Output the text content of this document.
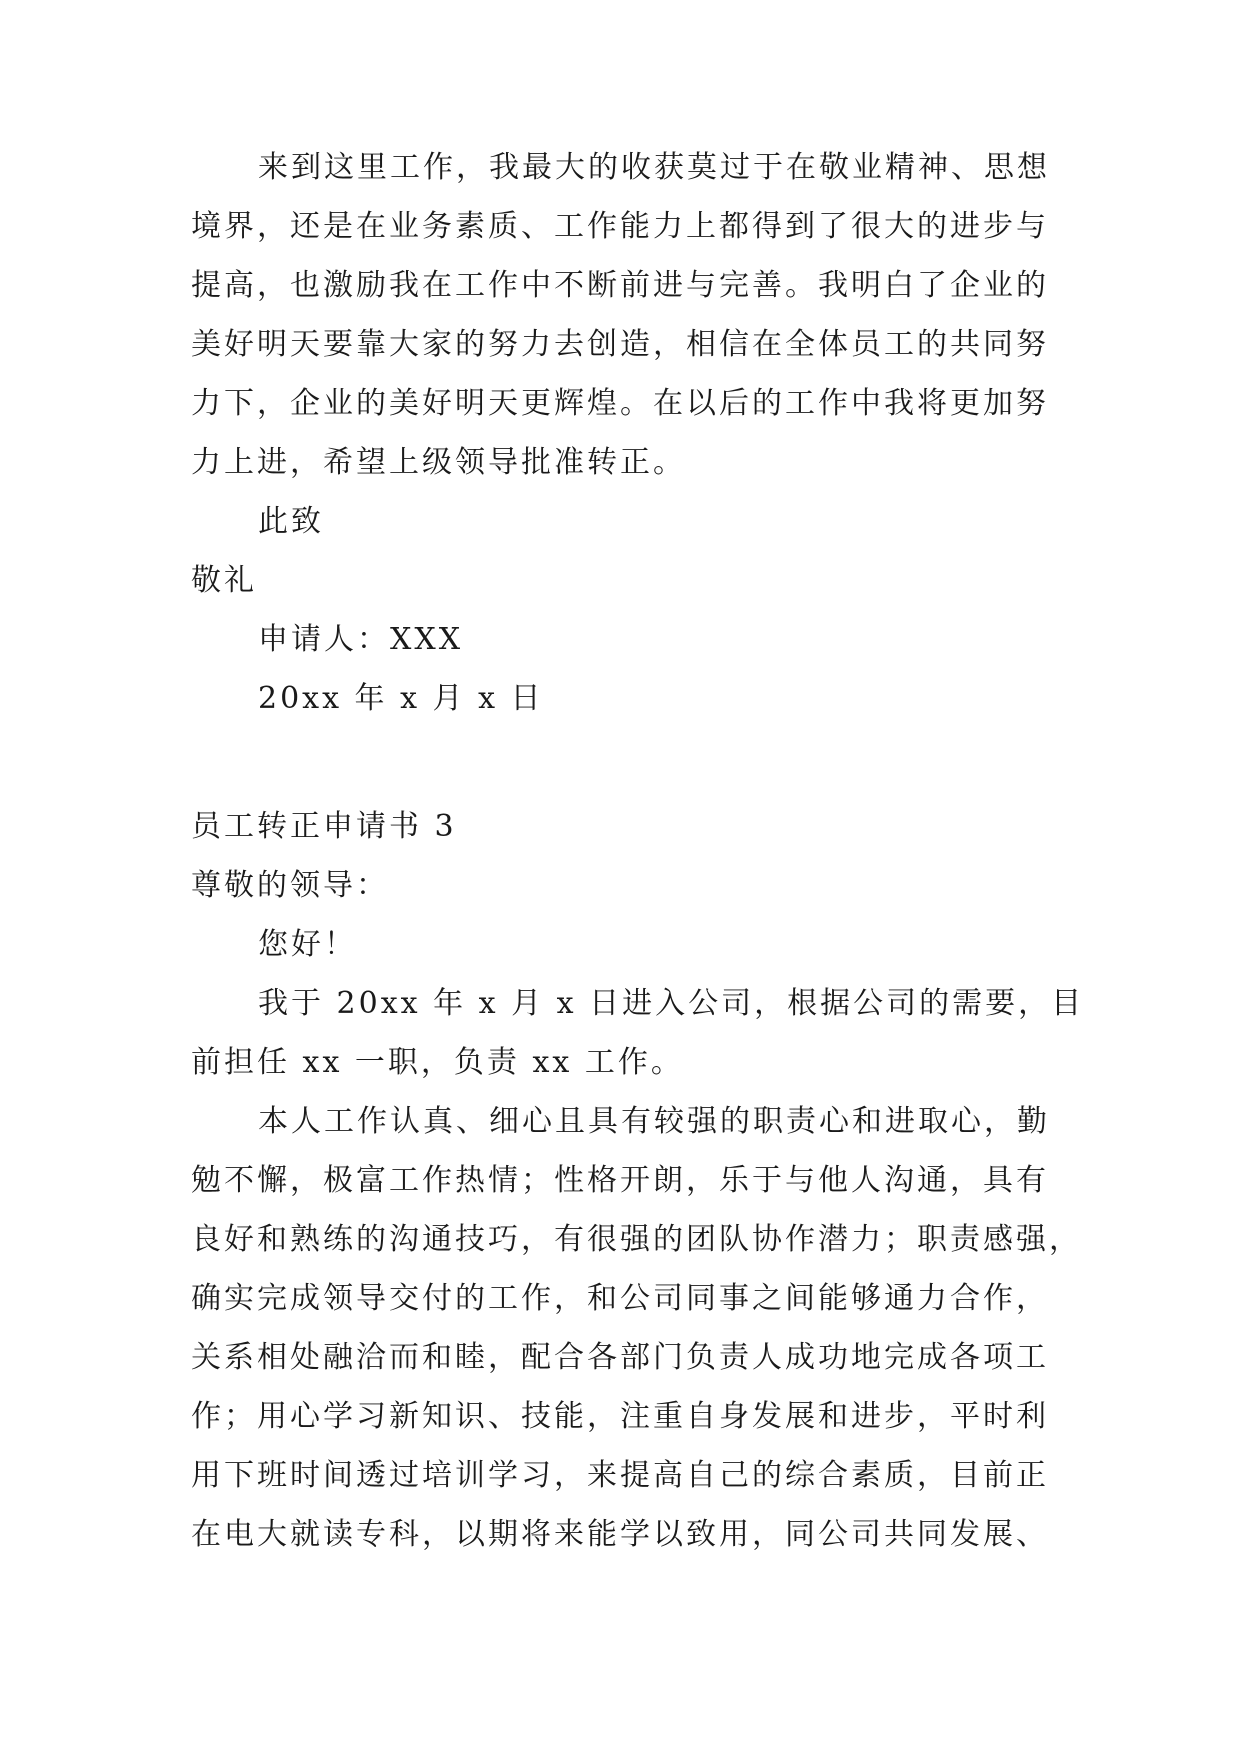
来到这里工作，我最大的收获莫过于在敬业精神、思想
境界，还是在业务素质、工作能力上都得到了很大的进步与
提高，也激励我在工作中不断前进与完善。我明白了企业的
美好明天要靠大家的努力去创造，相信在全体员工的共同努
力下，企业的美好明天更辉煌。在以后的工作中我将更加努
力上进，希望上级领导批准转正。
此致
敬礼
申请人：XXX
20xx 年 x 月 x 日
员工转正申请书 3
尊敬的领导：
您好！
我于 20xx 年 x 月 x 日进入公司，根据公司的需要，目
前担任 xx 一职，负责 xx 工作。
本人工作认真、细心且具有较强的职责心和进取心，勤
勉不懈，极富工作热情；性格开朗，乐于与他人沟通，具有
良好和熟练的沟通技巧，有很强的团队协作潜力；职责感强，
确实完成领导交付的工作，和公司同事之间能够通力合作，
关系相处融洽而和睦，配合各部门负责人成功地完成各项工
作；用心学习新知识、技能，注重自身发展和进步，平时利
用下班时间透过培训学习，来提高自己的综合素质，目前正
在电大就读专科，以期将来能学以致用，同公司共同发展、
